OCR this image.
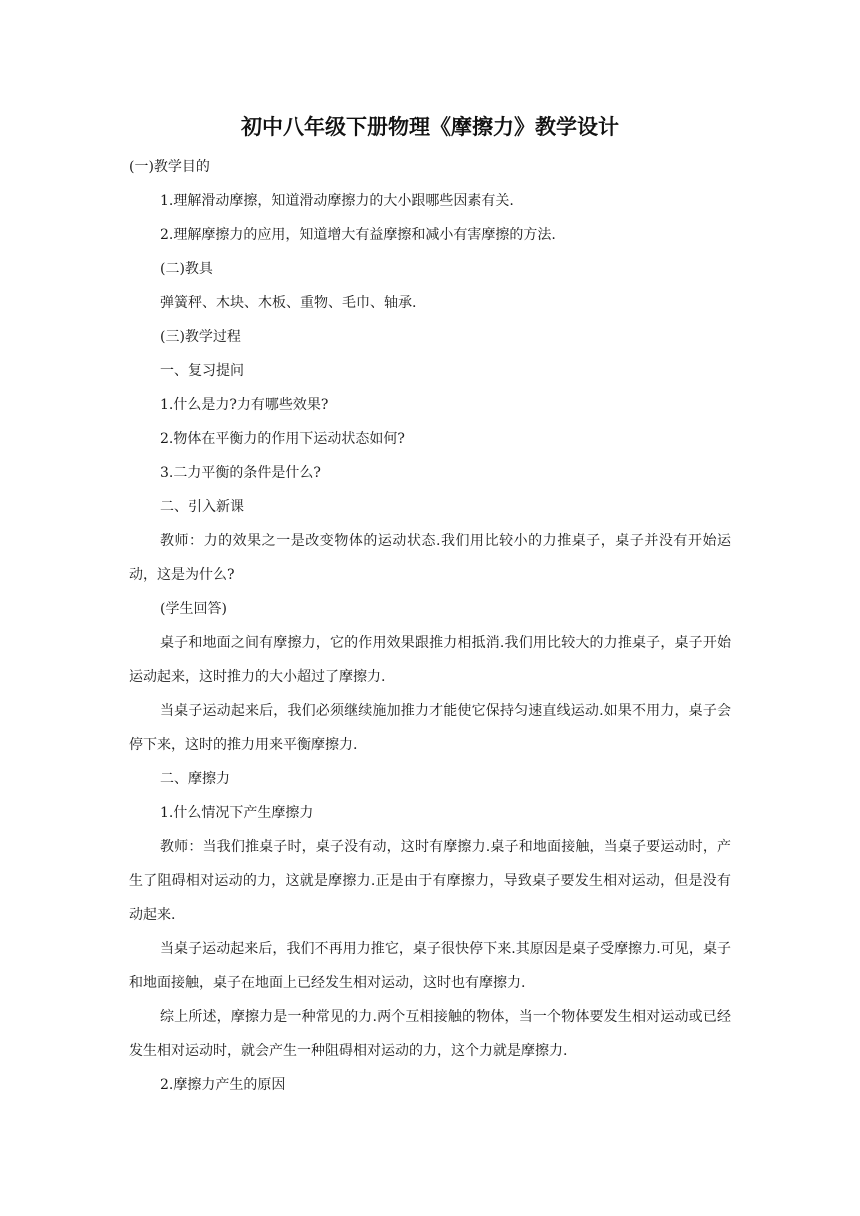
初中八年级下册物理《摩擦力》教学设计

(一)教学目的

1.理解滑动摩擦，知道滑动摩擦力的大小跟哪些因素有关.

2.理解摩擦力的应用，知道增大有益摩擦和减小有害摩擦的方法.

(二)教具

弹簧秤、木块、木板、重物、毛巾、轴承.

(三)教学过程

一、复习提问

1.什么是力?力有哪些效果?

2.物体在平衡力的作用下运动状态如何?

3.二力平衡的条件是什么?

二、引入新课

教师：力的效果之一是改变物体的运动状态.我们用比较小的力推桌子，桌子并没有开始运动，这是为什么?

(学生回答)

桌子和地面之间有摩擦力，它的作用效果跟推力相抵消.我们用比较大的力推桌子，桌子开始运动起来，这时推力的大小超过了摩擦力.

当桌子运动起来后，我们必须继续施加推力才能使它保持匀速直线运动.如果不用力，桌子会停下来，这时的推力用来平衡摩擦力.

二、摩擦力

1.什么情况下产生摩擦力

教师：当我们推桌子时，桌子没有动，这时有摩擦力.桌子和地面接触，当桌子要运动时，产生了阻碍相对运动的力，这就是摩擦力.正是由于有摩擦力，导致桌子要发生相对运动，但是没有动起来.

当桌子运动起来后，我们不再用力推它，桌子很快停下来.其原因是桌子受摩擦力.可见，桌子和地面接触，桌子在地面上已经发生相对运动，这时也有摩擦力.

综上所述，摩擦力是一种常见的力.两个互相接触的物体，当一个物体要发生相对运动或已经发生相对运动时，就会产生一种阻碍相对运动的力，这个力就是摩擦力.

2.摩擦力产生的原因
